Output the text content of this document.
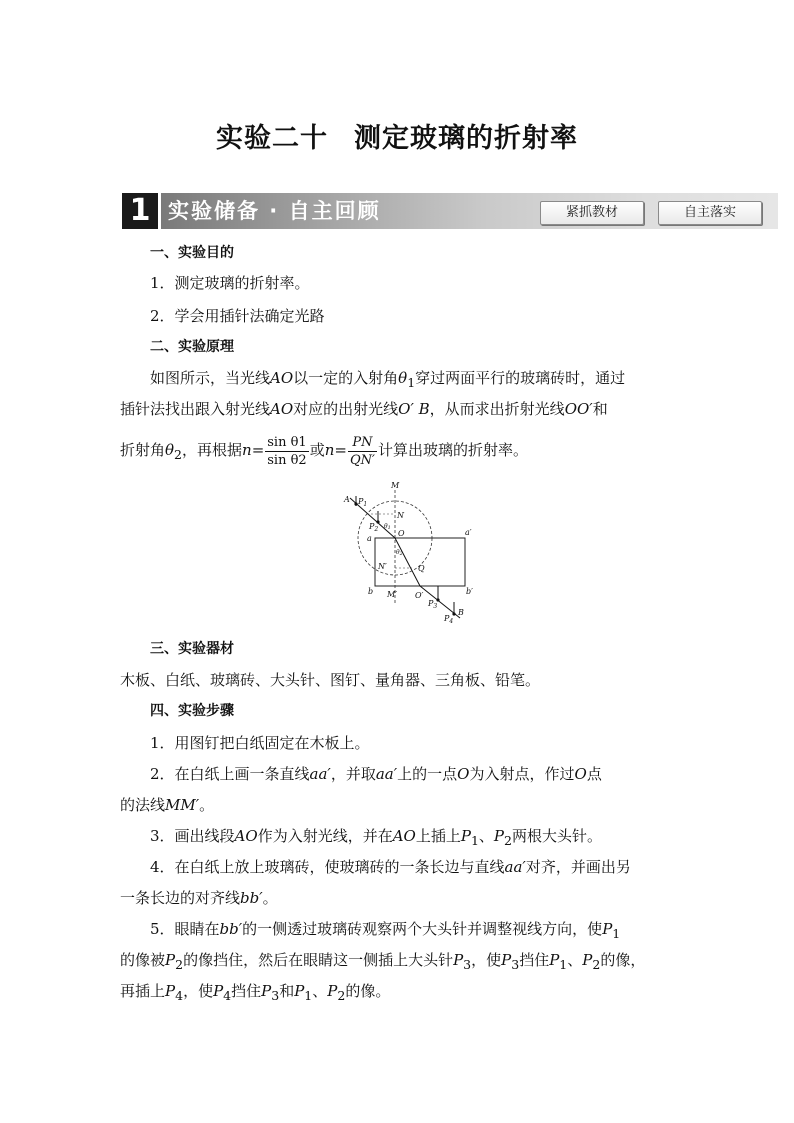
实验二十 测定玻璃的折射率
1 实验储备 · 自主回顾	紧抓教材	自主落实
一、实验目的
1．测定玻璃的折射率。
2．学会用插针法确定光路
二、实验原理
如图所示，当光线AO以一定的入射角$\theta_1$穿过两面平行的玻璃砖时，通过
插针法找出跟入射光线AO对应的出射光线O′ B，从而求出折射光线OO′和
折射角$\theta_2$，再根据$n= \frac{\text{sin θ1}}{\text{sin θ2}}$ 或$n= \frac{PN}{QN'}$ 计算出玻璃的折射率。
A $P_1$
M
$P_2$
N
O
θ1
θ2
a
a′
N′	Q
b	b′
M′ O′
$P_3$
B
$P_4$
三、实验器材
木板、白纸、玻璃砖、大头针、图钉、量角器、三角板、铅笔。
四、实验步骤
1．用图钉把白纸固定在木板上。
2．在白纸上画一条直线aa′，并取aa′上的一点O为入射点，作过O点
的法线MM′。
3．画出线段AO作为入射光线，并在AO上插上$P_1$、$P_2$两根大头针。
4．在白纸上放上玻璃砖，使玻璃砖的一条长边与直线aa′对齐，并画出另
一条长边的对齐线bb′。
5．眼睛在bb′的一侧透过玻璃砖观察两个大头针并调整视线方向，使$P_1$
的像被$P_2$的像挡住，然后在眼睛这一侧插上大头针$P_3$，使$P_3$挡住$P_1$、$P_2$的像，
再插上$P_4$，使$P_4$挡住$P_3$和$P_1$、$P_2$的像。
